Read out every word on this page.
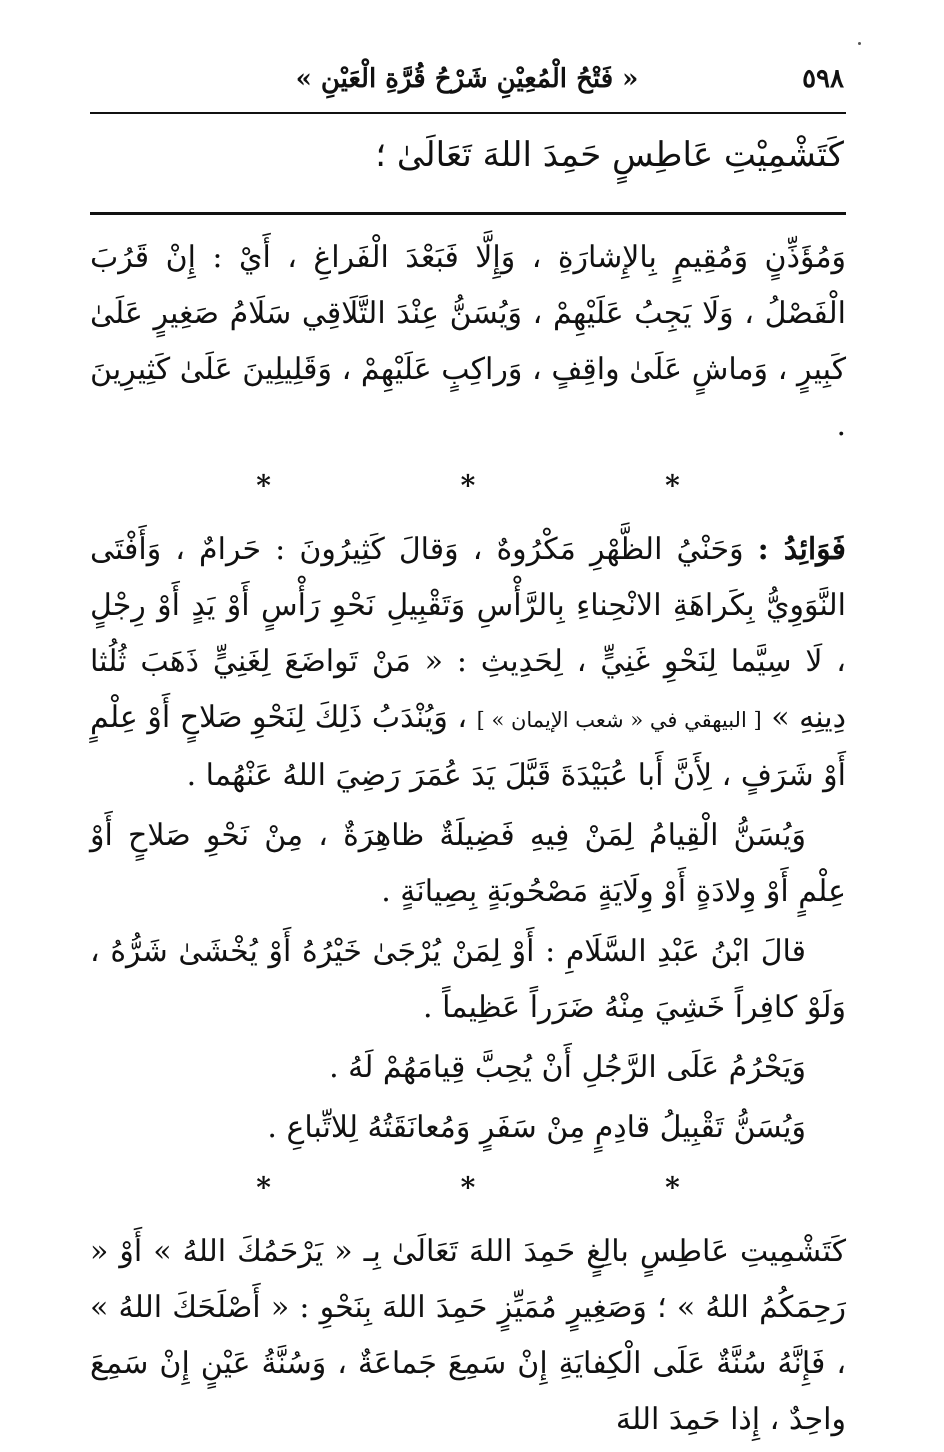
٥٩٨
« فَتْحُ الْمُعِيْنِ شَرْحُ قُرَّةِ الْعَيْنِ »
كَتَشْمِيْتِ عَاطِسٍ حَمِدَ اللهَ تَعَالَىٰ ؛

وَمُؤَذِّنٍ وَمُقِيمٍ بِالإِشارَةِ ، وَإِلَّا فَبَعْدَ الْفَراغِ ، أَيْ : إِنْ قَرُبَ الْفَصْلُ ، وَلَا يَجِبُ عَلَيْهِمْ ، وَيُسَنُّ عِنْدَ التَّلَاقِي سَلَامُ صَغِيرٍ عَلَىٰ كَبِيرٍ ، وَماشٍ عَلَىٰ واقِفٍ ، وَراكِبٍ عَلَيْهِمْ ، وَقَلِيلِينَ عَلَىٰ كَثِيرِينَ .

* * *

فَوَائِدُ : وَحَنْيُ الظَّهْرِ مَكْرُوهٌ ، وَقالَ كَثِيرُونَ : حَرامٌ ، وَأَفْتَى النَّوَوِيُّ بِكَراهَةِ الانْحِناءِ بِالرَّأْسِ وَتَقْبِيلِ نَحْوِ رَأْسٍ أَوْ يَدٍ أَوْ رِجْلٍ ، لَا سِيَّما لِنَحْوِ غَنِيٍّ ، لِحَدِيثِ : « مَنْ تَواضَعَ لِغَنِيٍّ ذَهَبَ ثُلُثا دِينِهِ » [ البيهقي في « شعب الإيمان » ] ، وَيُنْدَبُ ذَلِكَ لِنَحْوِ صَلاحٍ أَوْ عِلْمٍ أَوْ شَرَفٍ ، لِأَنَّ أَبا عُبَيْدَةَ قَبَّلَ يَدَ عُمَرَ رَضِيَ اللهُ عَنْهُما .

وَيُسَنُّ الْقِيامُ لِمَنْ فِيهِ فَضِيلَةٌ ظاهِرَةٌ ، مِنْ نَحْوِ صَلاحٍ أَوْ عِلْمٍ أَوْ وِلادَةٍ أَوْ وِلَايَةٍ مَصْحُوبَةٍ بِصِيانَةٍ .

قالَ ابْنُ عَبْدِ السَّلَامِ : أَوْ لِمَنْ يُرْجَىٰ خَيْرُهُ أَوْ يُخْشَىٰ شَرُّهُ ، وَلَوْ كافِراً خَشِيَ مِنْهُ ضَرَراً عَظِيماً .

وَيَحْرُمُ عَلَى الرَّجُلِ أَنْ يُحِبَّ قِيامَهُمْ لَهُ .

وَيُسَنُّ تَقْبِيلُ قادِمٍ مِنْ سَفَرٍ وَمُعانَقَتُهُ لِلاتِّباعِ .

* * *

كَتَشْمِيتِ عَاطِسٍ بالِغٍ حَمِدَ اللهَ تَعَالَىٰ بِـ « يَرْحَمُكَ اللهُ » أَوْ « رَحِمَكُمُ اللهُ » ؛ وَصَغِيرٍ مُمَيِّزٍ حَمِدَ اللهَ بِنَحْوِ : « أَصْلَحَكَ اللهُ » ، فَإِنَّهُ سُنَّةٌ عَلَى الْكِفايَةِ إِنْ سَمِعَ جَماعَةٌ ، وَسُنَّةُ عَيْنٍ إِنْ سَمِعَ واحِدٌ ، إِذا حَمِدَ اللهَ
